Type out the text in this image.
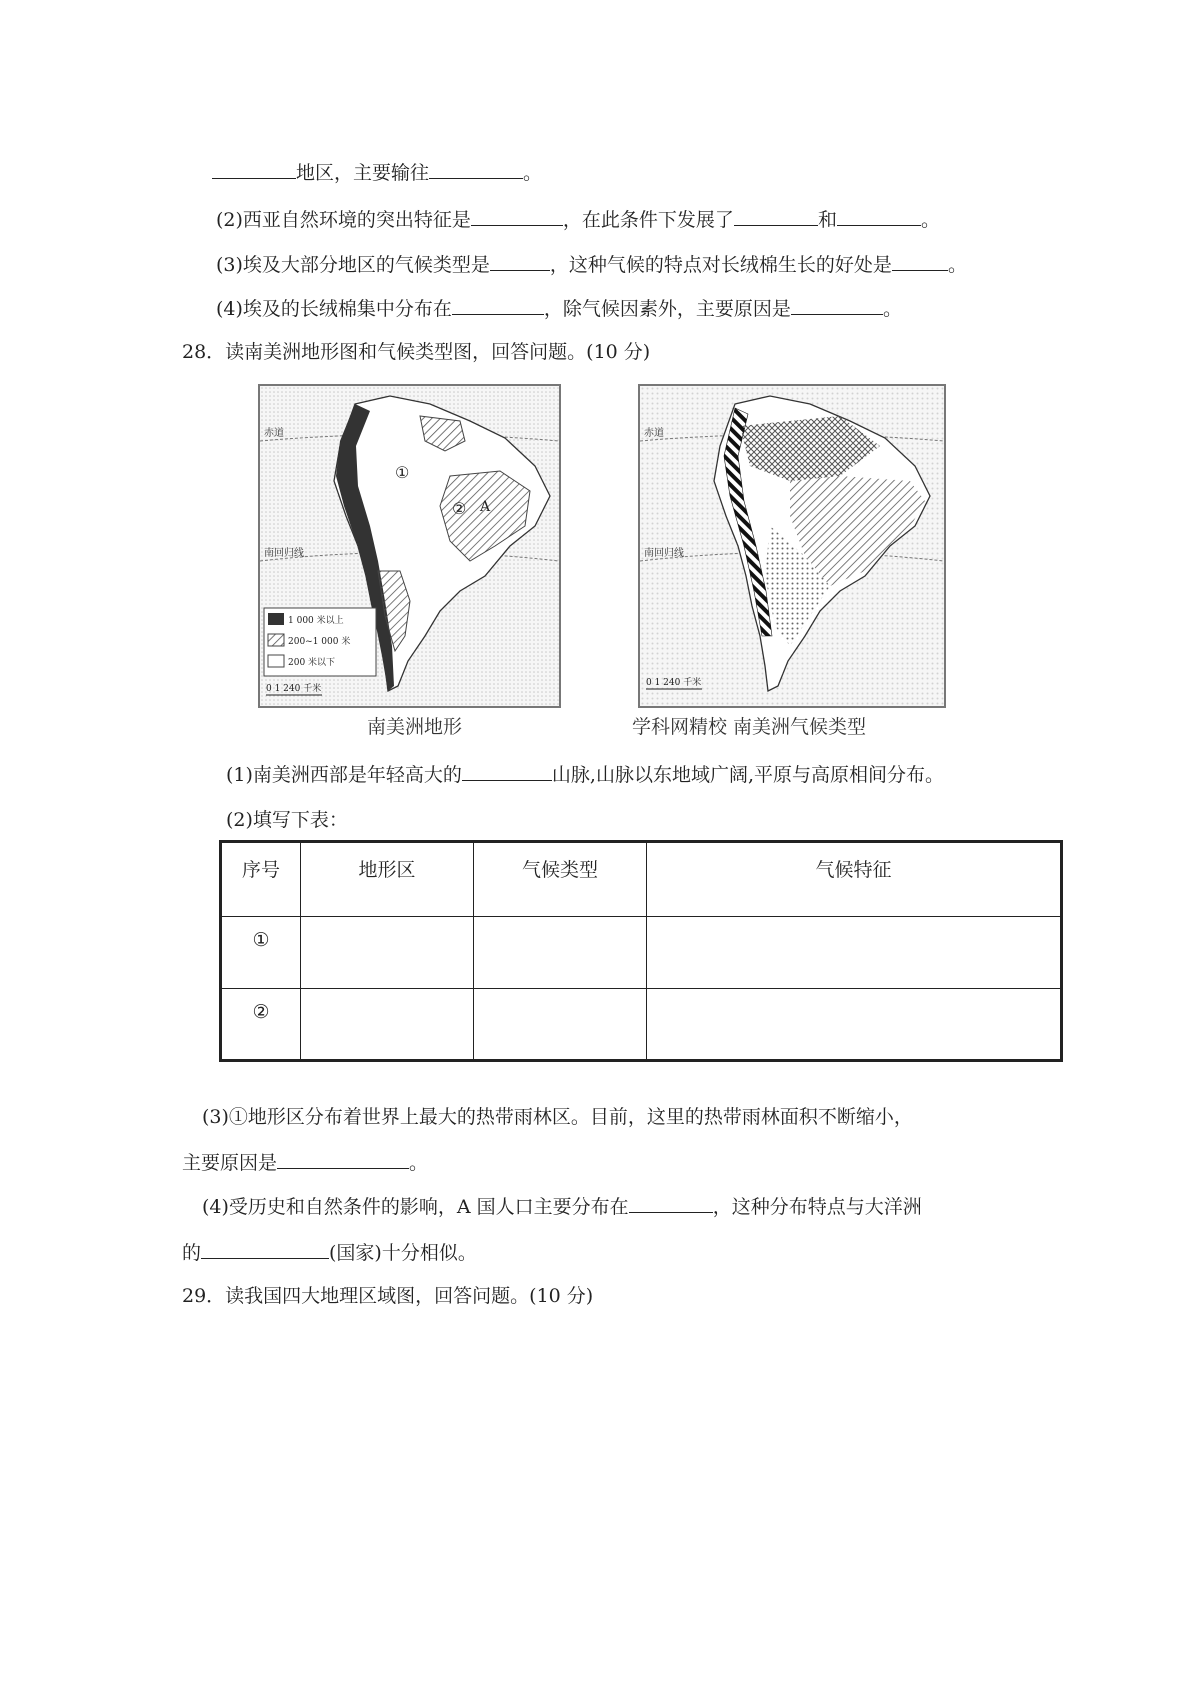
地区，主要输往	。
(2)西亚自然环境的突出特征是	，在此条件下发展了	和	。
(3)埃及大部分地区的气候类型是	，这种气候的特点对长绒棉生长的好处是	。
(4)埃及的长绒棉集中分布在	，除气候因素外，主要原因是	。
28．读南美洲地形图和气候类型图，回答问题。(10 分)
①
② A
赤道
南回归线
1 000 米以上
200~1 000 米
200 米以下
0 1 240 千米
南美洲地形
赤道
南回归线
0 1 240 千米
学科网精校 南美洲气候类型
(1)南美洲西部是年轻高大的	山脉,山脉以东地域广阔,平原与高原相间分布。
(2)填写下表：
序号	地形区	气候类型	气候特征
①			
②			
(3)①地形区分布着世界上最大的热带雨林区。目前，这里的热带雨林面积不断缩小，
主要原因是	。
(4)受历史和自然条件的影响，A 国人口主要分布在	，这种分布特点与大洋洲
的	(国家)十分相似。
29．读我国四大地理区域图，回答问题。(10 分)
